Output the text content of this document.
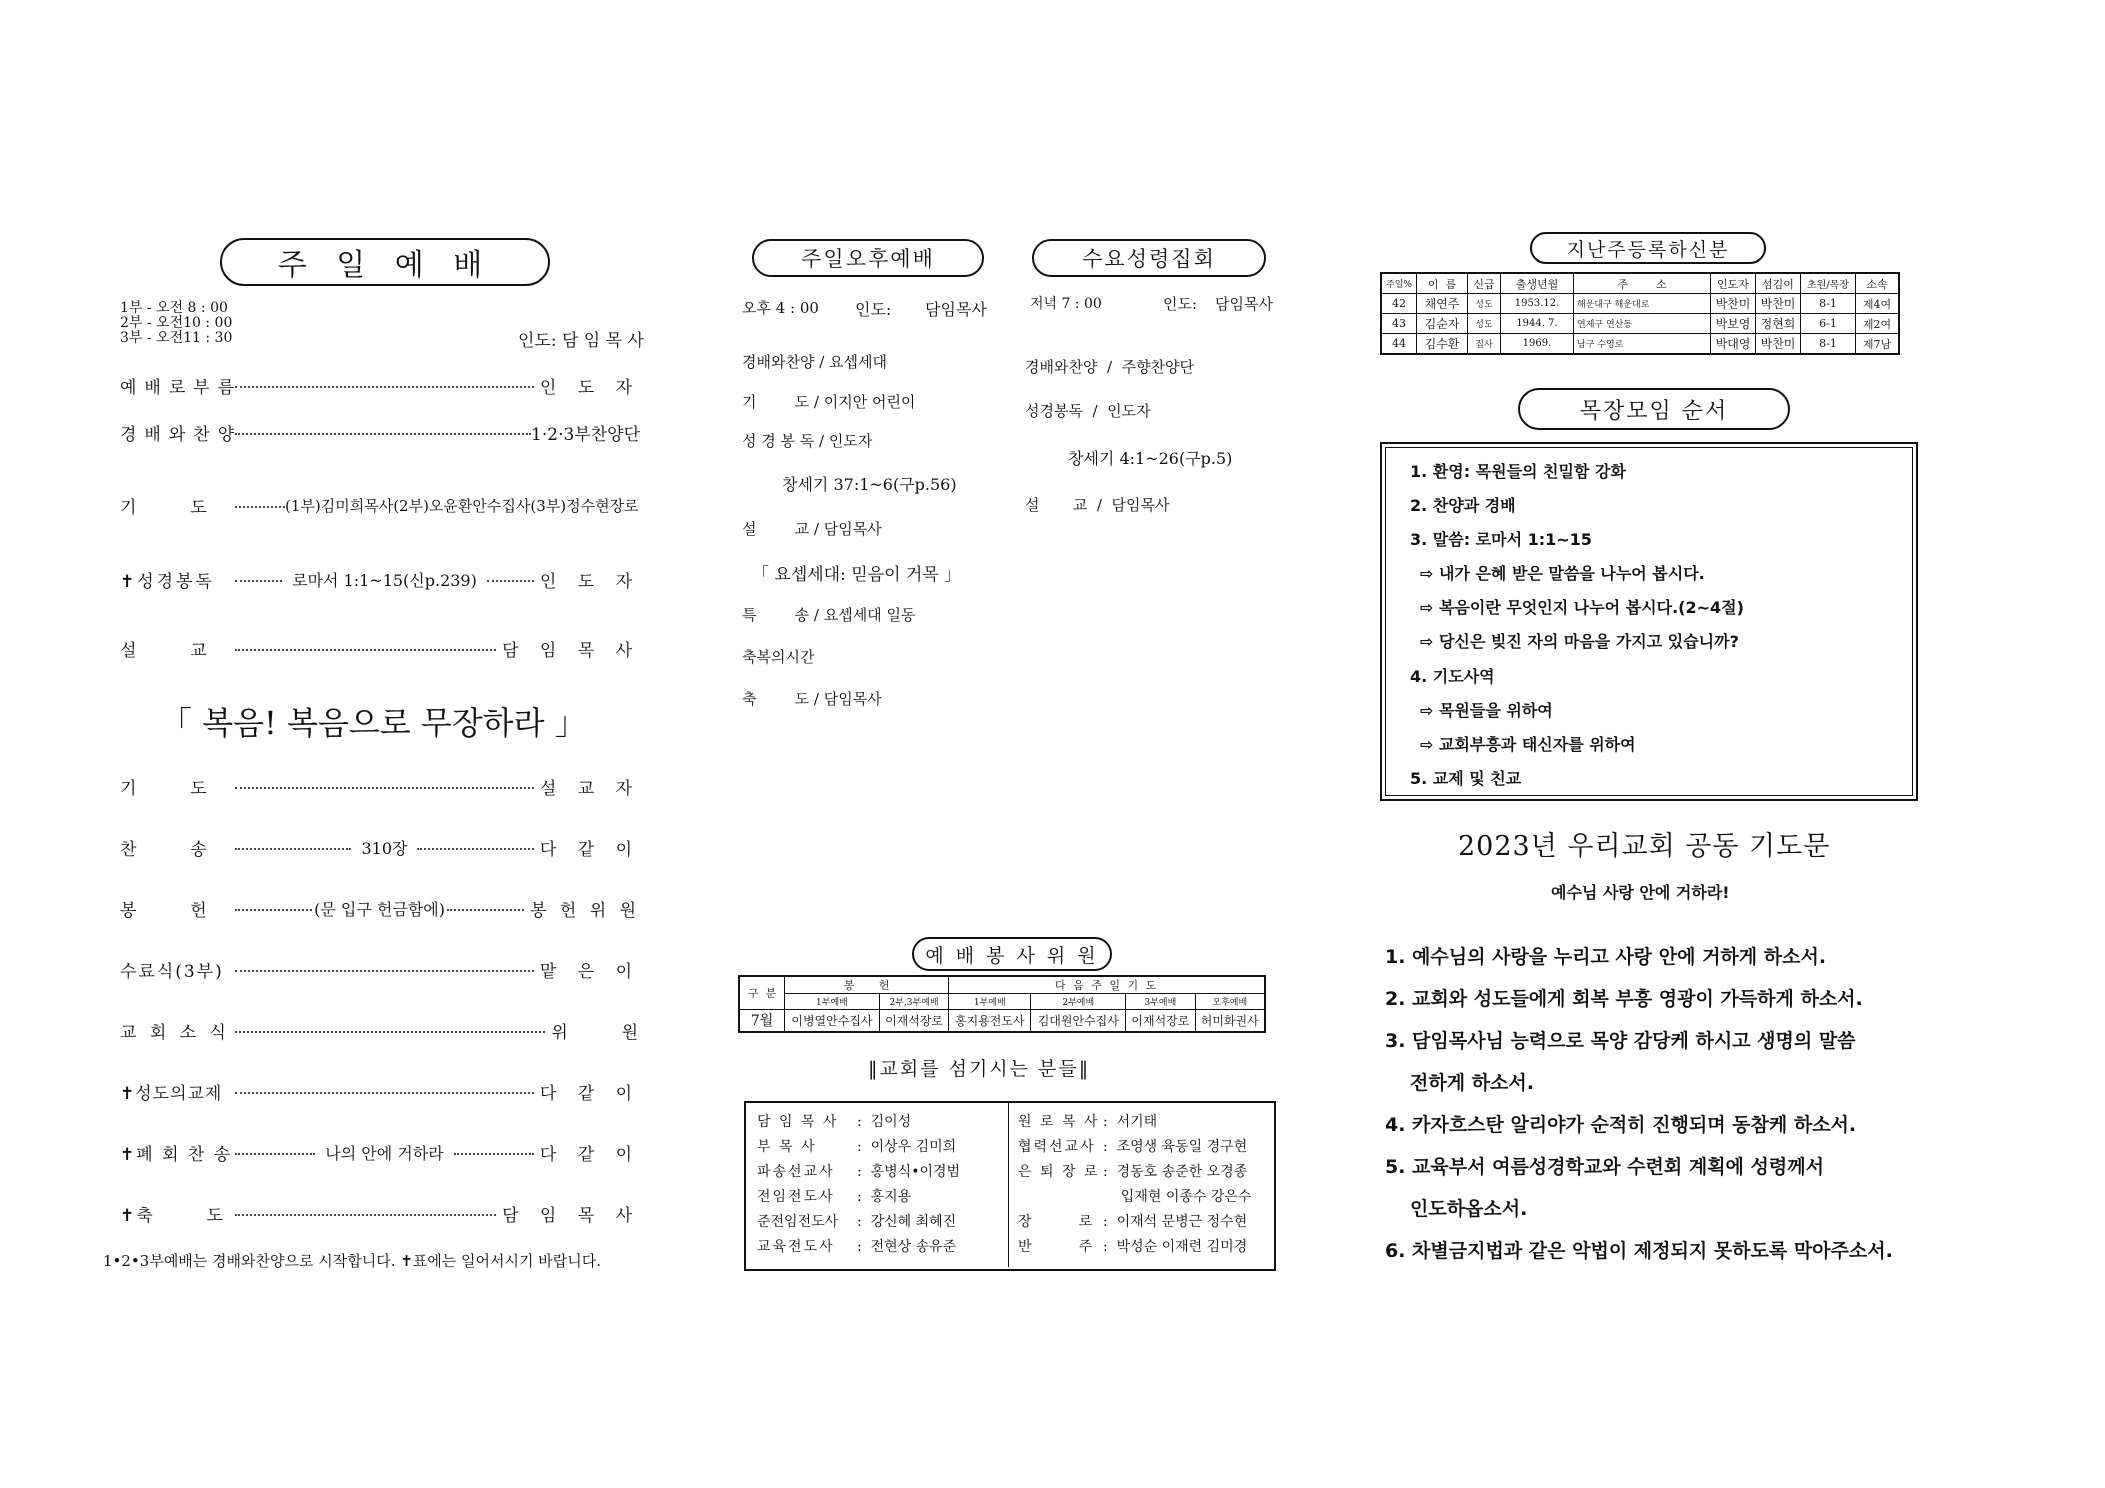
주 일 예 배
1부 - 오전 8 : 00
2부 - 오전10 : 00
3부 - 오전11 : 30	인도: 담 임 목 사
예배로부름	인 도 자
경배와찬양	1·2·3부찬양단
기       도	(1부)김미희목사(2부)오윤환안수집사(3부)정수현장로
✝성경봉독	로마서 1:1~15(신p.239)	인 도 자
설       교	담 임 목 사
「 복음! 복음으로 무장하라 」
기       도	설 교 자
찬       송	310장	다 같 이
봉       헌	(문 입구 헌금함에)	봉 헌 위 원
수료식(3부)	맡 은 이
교 회 소 식	위       원
✝성도의교제	다 같 이
✝폐 회 찬 송	나의 안에 거하라	다 같 이
✝축       도	담 임 목 사
1•2•3부예배는 경배와찬양으로 시작합니다. ✝표에는 일어서시기 바랍니다.
주일오후예배	수요성령집회
오후 4 : 00 인도: 담임목사
경배와찬양 / 요셉세대
기        도 / 이지안 어린이
성 경 봉 독 / 인도자
창세기 37:1~6(구p.56)
설        교 / 담임목사
「 요셉세대: 믿음이 거목 」
특        송 / 요셉세대 일동
축복의시간
축        도 / 담임목사
저녁 7 : 00	인도: 담임목사
경배와찬양  /  주향찬양단
성경봉독  /  인도자
창세기 4:1~26(구p.5)
설       교  /  담임목사
예 배 봉 사 위 원
구  분	봉       헌		다 음 주 일 기 도			
	1부예배	2부,3부예배	1부예배	2부예배	3부예배	오후예배
7월	이병열안수집사	이재석장로	홍지용전도사	김대원안수집사	이재석장로	허미화권사
‖교회를 섬기시는 분들‖
담 임 목 사	:  김이성
부 목 사	:  이상우 김미희
파송선교사	:  홍병식•이경범
전임전도사	:  홍지용
준전임전도사	:  강신혜 최혜진
교육전도사	:  전현상 송유준
원 로 목 사 :  서기태
협력선교사 :  조영생 육동일 경구현
은 퇴 장 로 :  경동호 송준한 오경종
입재현 이종수 강은수
장       로 :  이재석 문병근 정수현
반       주 :  박성순 이재련 김미경
지난주등록하신분
주일%	이  름	신급	출생년월	주        소	인도자	섬김이	초원/목장	소속
42	채연주	성도	1953.12.	해운대구 해운대로	박찬미	박찬미	8-1	제4여
43	김순자	성도	1944. 7.	연제구 연산동	박보영	정현희	6-1	제2여
44	김수환	집사	1969.	남구 수영로	박대영	박찬미	8-1	제7남
목장모임 순서
1. 환영: 목원들의 친밀함 강화
2. 찬양과 경배
3. 말씀: 로마서 1:1~15
⇨ 내가 은혜 받은 말씀을 나누어 봅시다.
⇨ 복음이란 무엇인지 나누어 봅시다.(2~4절)
⇨ 당신은 빚진 자의 마음을 가지고 있습니까?
4. 기도사역
⇨ 목원들을 위하여
⇨ 교회부흥과 태신자를 위하여
5. 교제 및 친교
2023년 우리교회 공동 기도문
예수님 사랑 안에 거하라!
1. 예수님의 사랑을 누리고 사랑 안에 거하게 하소서.
2. 교회와 성도들에게 회복 부흥 영광이 가득하게 하소서.
3. 담임목사님 능력으로 목양 감당케 하시고 생명의 말씀
전하게 하소서.
4. 카자흐스탄 알리야가 순적히 진행되며 동참케 하소서.
5. 교육부서 여름성경학교와 수련회 계획에 성령께서
인도하옵소서.
6. 차별금지법과 같은 악법이 제정되지 못하도록 막아주소서.
